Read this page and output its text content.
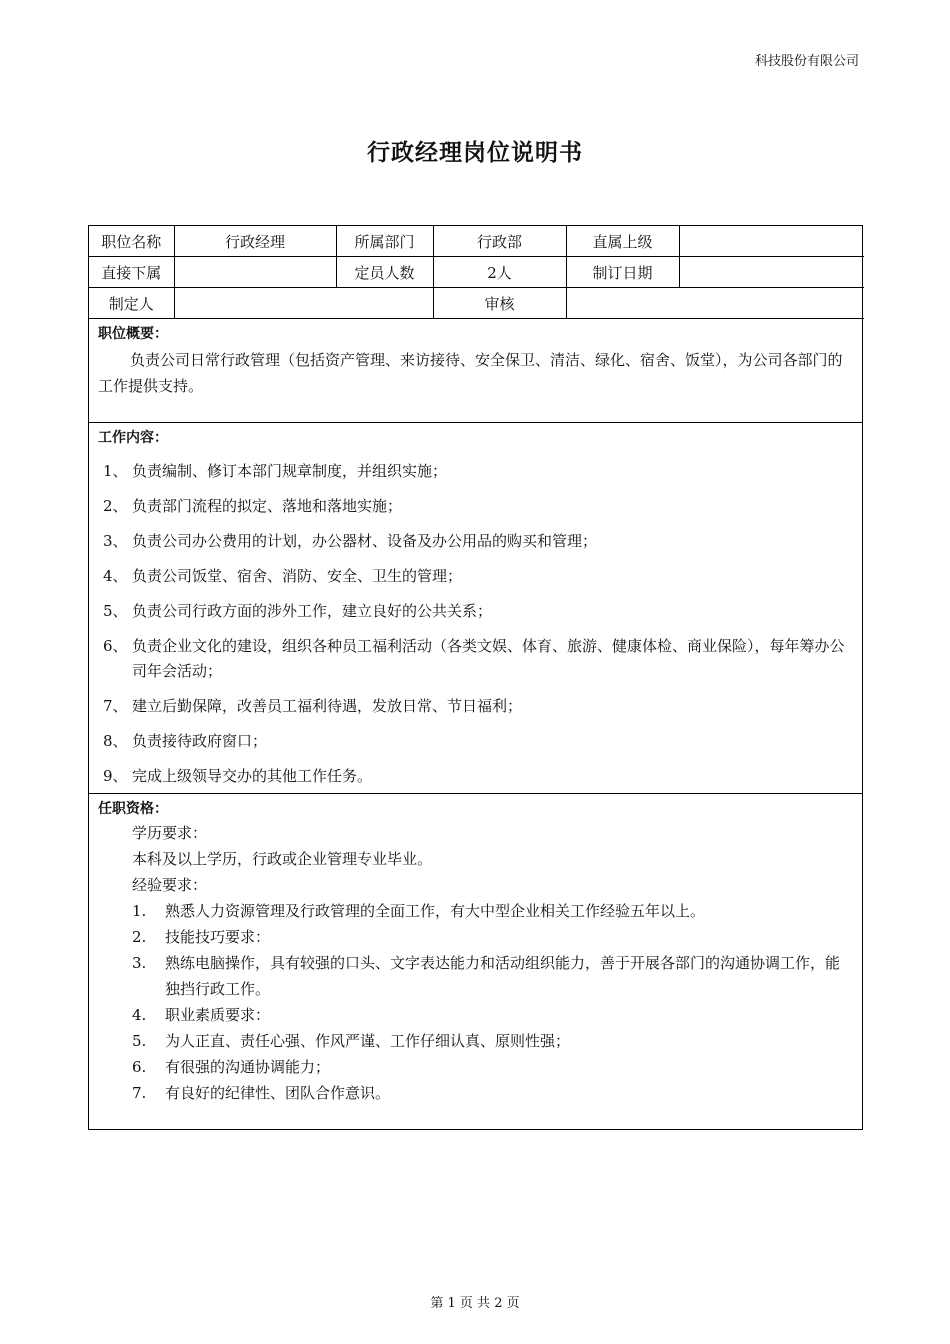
科技股份有限公司
行政经理岗位说明书
职位名称	行政经理	所属部门	行政部	直属上级	
直接下属		定员人数	2人	制订日期	
制定人			审核		
职位概要：
负责公司日常行政管理（包括资产管理、来访接待、安全保卫、清洁、绿化、宿舍、饭堂），为公司各部门的工作提供支持。
工作内容：
1、 负责编制、修订本部门规章制度，并组织实施；
2、 负责部门流程的拟定、落地和落地实施；
3、 负责公司办公费用的计划，办公器材、设备及办公用品的购买和管理；
4、 负责公司饭堂、宿舍、消防、安全、卫生的管理；
5、 负责公司行政方面的涉外工作，建立良好的公共关系；
6、 负责企业文化的建设，组织各种员工福利活动（各类文娱、体育、旅游、健康体检、商业保险），每年筹办公司年会活动；
7、 建立后勤保障，改善员工福利待遇，发放日常、节日福利；
8、 负责接待政府窗口；
9、 完成上级领导交办的其他工作任务。
任职资格：
学历要求：
本科及以上学历，行政或企业管理专业毕业。
经验要求：
1. 熟悉人力资源管理及行政管理的全面工作，有大中型企业相关工作经验五年以上。
2. 技能技巧要求：
3. 熟练电脑操作，具有较强的口头、文字表达能力和活动组织能力，善于开展各部门的沟通协调工作，能独挡行政工作。
4. 职业素质要求：
5. 为人正直、责任心强、作风严谨、工作仔细认真、原则性强；
6. 有很强的沟通协调能力；
7. 有良好的纪律性、团队合作意识。
第 1 页 共 2 页
